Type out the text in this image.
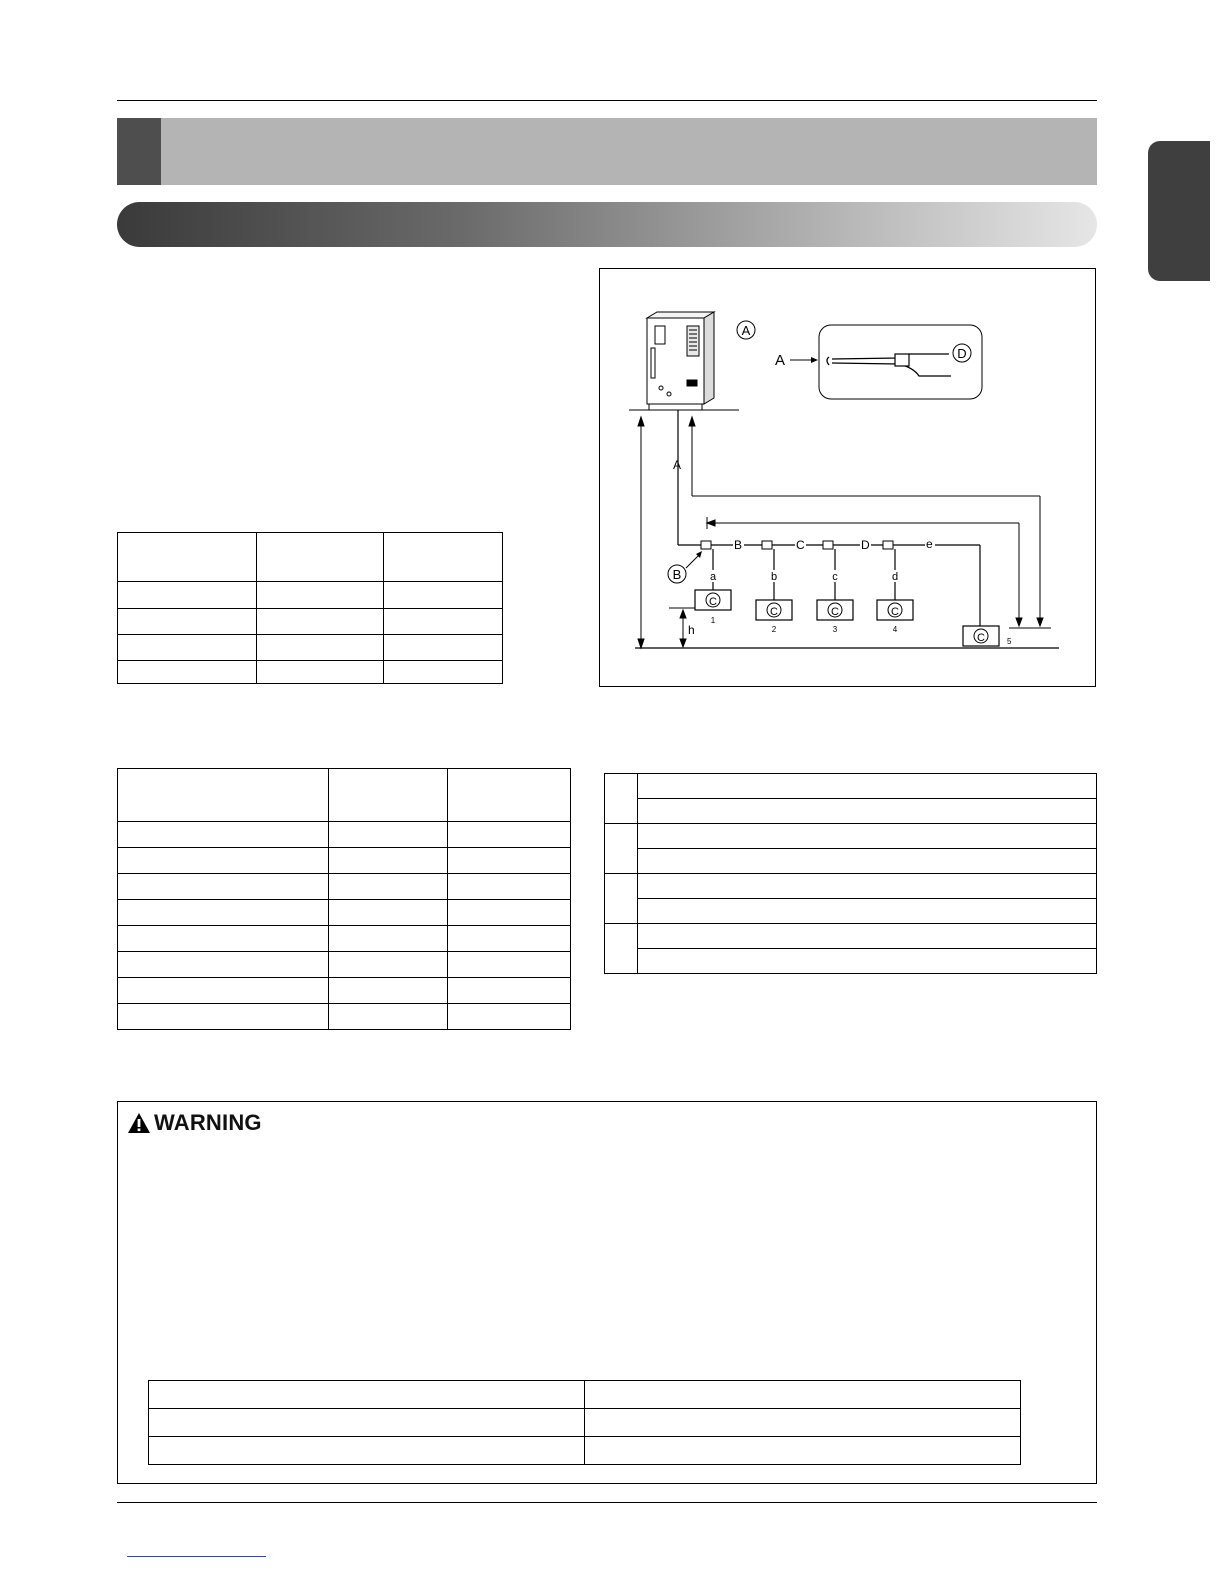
A
D
A
A
B	C	D	e
a	b	c	d
B
C
1
C
2
C
3
C
4
C	5
h

WARNING
